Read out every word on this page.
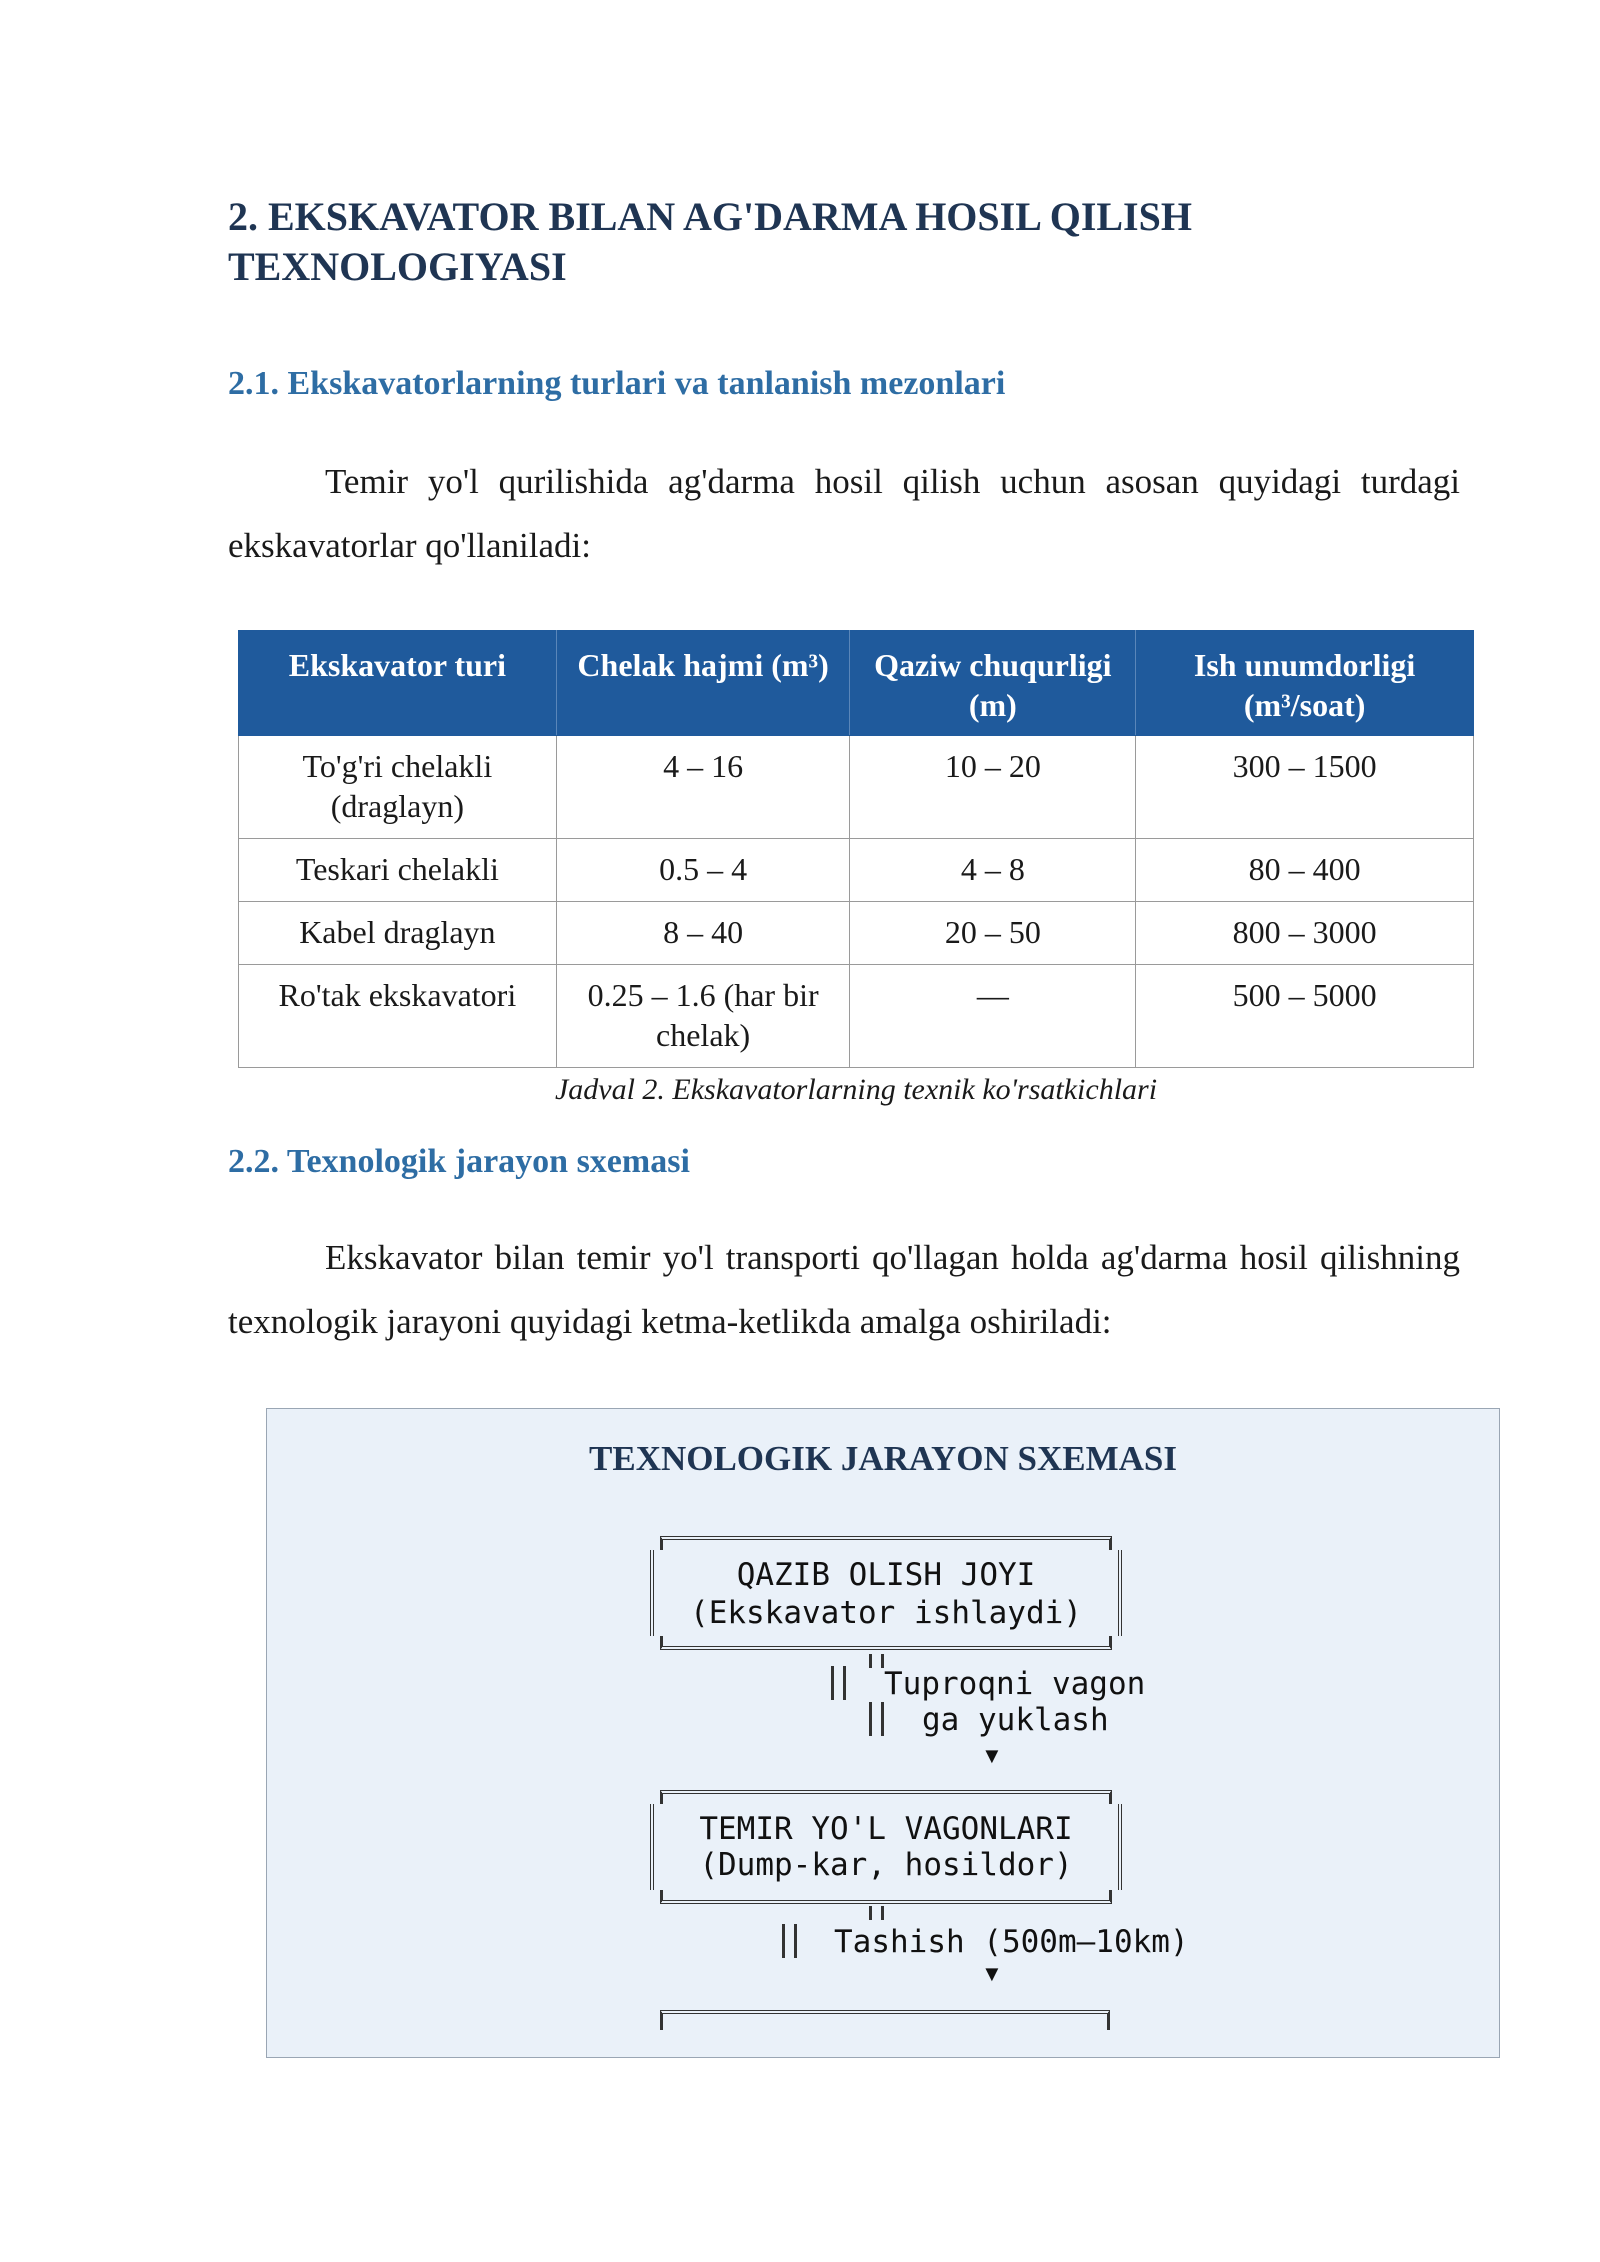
2. EKSKAVATOR BILAN AG'DARMA HOSIL QILISH TEXNOLOGIYASI
2.1. Ekskavatorlarning turlari va tanlanish mezonlari

Temir yo'l qurilishida ag'darma hosil qilish uchun asosan quyidagi turdagi ekskavatorlar qo'llaniladi:

Ekskavator turi	Chelak hajmi (m³)	Qaziw chuqurligi (m)	Ish unumdorligi (m³/soat)
To'g'ri chelakli (draglayn)	4 – 16	10 – 20	300 – 1500
Teskari chelakli	0.5 – 4	4 – 8	80 – 400
Kabel draglayn	8 – 40	20 – 50	800 – 3000
Ro'tak ekskavatori	0.25 – 1.6 (har bir chelak)	—	500 – 5000

Jadval 2. Ekskavatorlarning texnik ko'rsatkichlari

2.2. Texnologik jarayon sxemasi

Ekskavator bilan temir yo'l transporti qo'llagan holda ag'darma hosil qilishning texnologik jarayoni quyidagi ketma-ketlikda amalga oshiriladi:

TEXNOLOGIK JARAYON SXEMASI
QAZIB OLISH JOYI
(Ekskavator ishlaydi)
Tuproqni vagon
ga yuklash
▼
TEMIR YO'L VAGONLARI
(Dump-kar, hosildor)
Tashish (500m–10km)
▼
